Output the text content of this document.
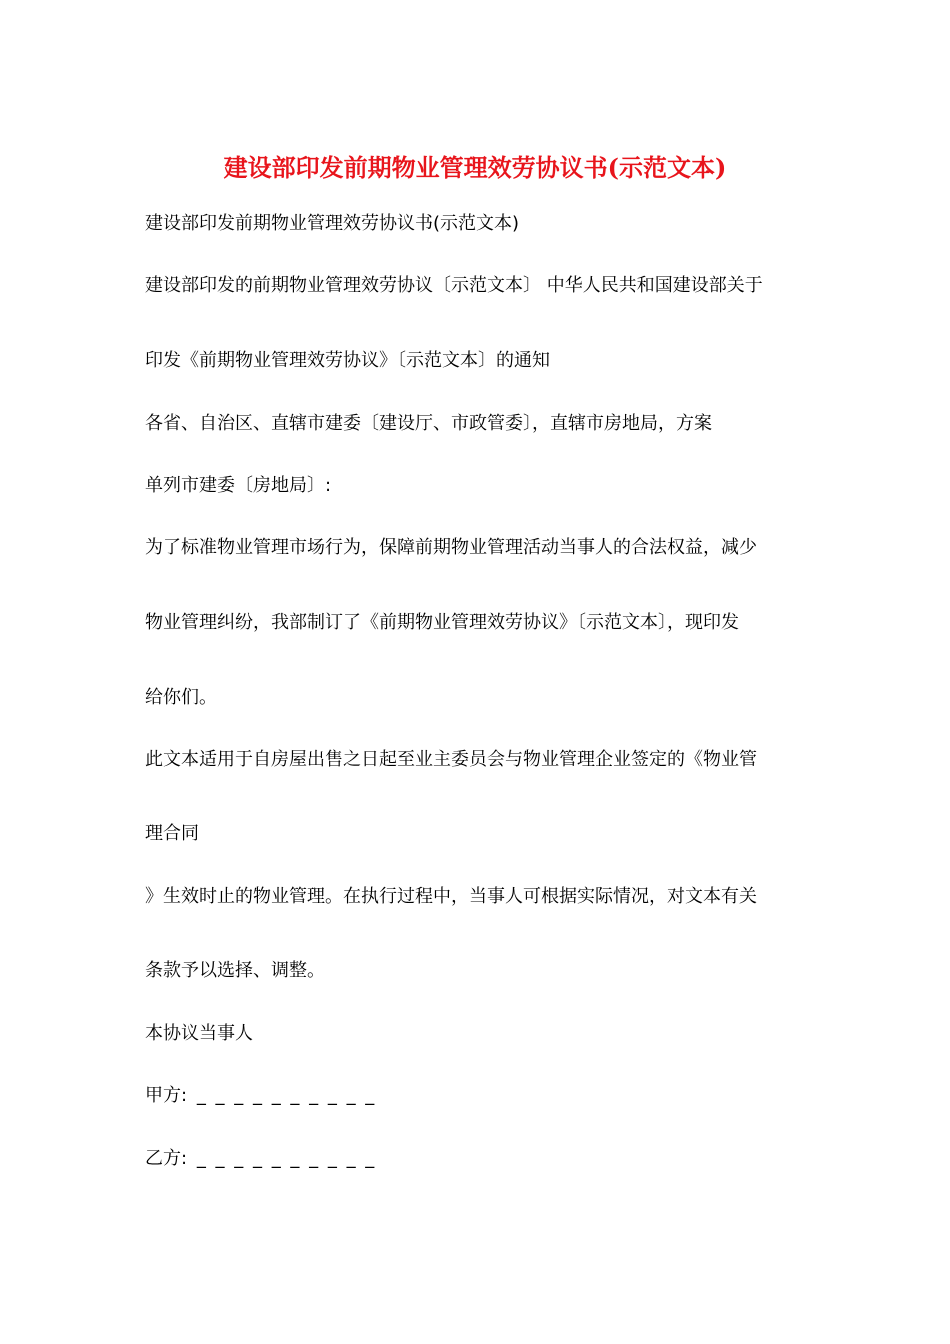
建设部印发前期物业管理效劳协议书(示范文本)
建设部印发前期物业管理效劳协议书(示范文本)
建设部印发的前期物业管理效劳协议〔示范文本〕 中华人民共和国建设部关于
印发《前期物业管理效劳协议》〔示范文本〕的通知
各省、自治区、直辖市建委〔建设厅、市政管委〕，直辖市房地局，方案
单列市建委〔房地局〕:
为了标准物业管理市场行为，保障前期物业管理活动当事人的合法权益，减少
物业管理纠纷，我部制订了《前期物业管理效劳协议》〔示范文本〕，现印发
给你们。
此文本适用于自房屋出售之日起至业主委员会与物业管理企业签定的《物业管
理合同
》生效时止的物业管理。在执行过程中，当事人可根据实际情况，对文本有关
条款予以选择、调整。
本协议当事人
甲方: _ _ _ _ _ _ _ _ _ _
乙方: _ _ _ _ _ _ _ _ _ _
